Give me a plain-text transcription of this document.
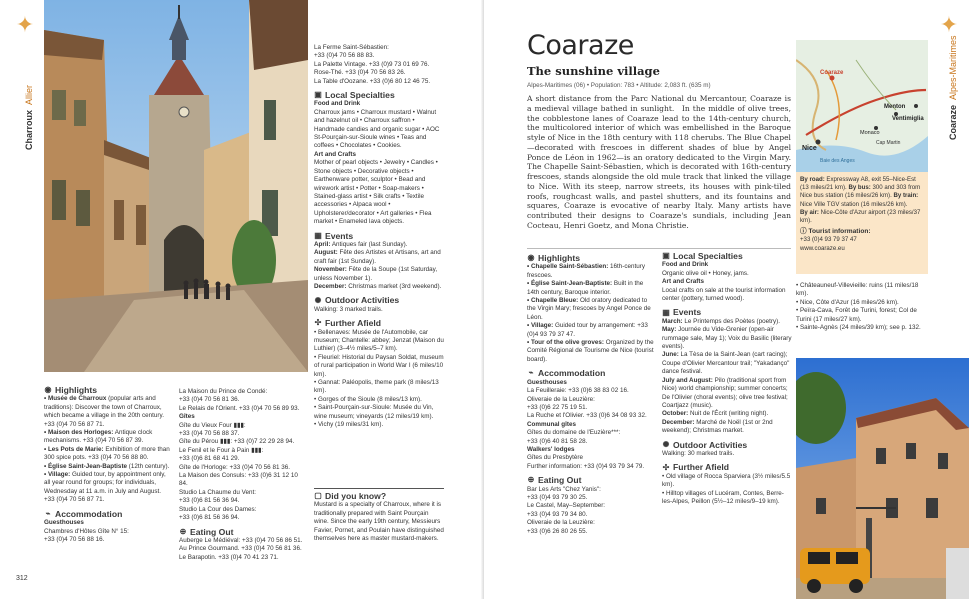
✦
CharrouxAllier
◉ Highlights

• Musée de Charroux (popular arts and traditions): Discover the town of Charroux, which became a village in the 20th century. +33 (0)4 70 56 87 71.

• Maison des Horloges: Antique clock mechanisms. +33 (0)4 70 56 87 39.

• Les Pots de Marie: Exhibition of more than 300 spice pots. +33 (0)4 70 56 88 80.

• Église Saint-Jean-Baptiste (12th century).

• Village: Guided tour, by appointment only, all year round for groups; for individuals, Wednesday at 11 a.m. in July and August. +33 (0)4 70 56 87 71.

⌁ Accommodation

Guesthouses

Chambres d'Hôtes Gîte N° 15:

+33 (0)4 70 56 88 16.

La Maison du Prince de Condé:

+33 (0)4 70 56 81 36.

Le Relais de l'Orient. +33 (0)4 70 56 89 93.

Gîtes

Gîte du Vieux Four ▮▮▮:

+33 (0)4 70 56 88 37.

Gîte du Pérou ▮▮▮: +33 (0)7 22 29 28 94.

Le Fenil et le Four à Pain ▮▮▮:

+33 (0)6 81 68 41 29.

Gîte de l'Horloge: +33 (0)4 70 56 81 36.

La Maison des Consuls: +33 (0)6 31 12 10 84.

Studio La Chaume du Vent:

+33 (0)6 81 56 36 94.

Studio La Cour des Dames:

+33 (0)6 81 56 36 94.

⊕ Eating Out

Auberge Le Médiéval: +33 (0)4 70 56 86 51.

Au Prince Gourmand. +33 (0)4 70 56 81 36.

Le Barapotin. +33 (0)4 70 41 23 71.

La Ferme Saint-Sébastien:

+33 (0)4 70 56 88 83.

La Palette Vintage. +33 (0)9 73 01 69 76.

Rose-Thé. +33 (0)4 70 56 83 26.

La Table d'Oozane. +33 (0)6 80 12 46 75.

▣ Local Specialties

Food and Drink

Charroux jams • Charroux mustard • Walnut and hazelnut oil • Charroux saffron • Handmade candies and organic sugar • AOC St-Pourçain-sur-Sioule wines • Teas and coffees • Chocolates • Cookies.

Art and Crafts

Mother of pearl objects • Jewelry • Candles • Stone objects • Decorative objects • Earthenware potter, sculptor • Bead and wirework artist • Potter • Soap-makers • Stained-glass artist • Silk crafts • Textile accessories • Alpaca wool • Upholsterer/decorator • Art galleries • Flea market • Enameled lava objects.

▦ Events

April: Antiques fair (last Sunday).

August: Fête des Artistes et Artisans, art and craft fair (1st Sunday).

November: Fête de la Soupe (1st Saturday, unless November 1).

December: Christmas market (3rd weekend).

✺ Outdoor Activities

Walking: 3 marked trails.

✣ Further Afield

• Bellenaves: Musée de l'Automobile, car museum; Chantelle: abbey; Jenzat (Maison du Luthier) (3–4½ miles/5–7 km).

• Fleuriel: Historial du Paysan Soldat, museum of rural participation in World War I (6 miles/10 km).

• Gannat: Paléopolis, theme park (8 miles/13 km).

• Gorges of the Sioule (8 miles/13 km).

• Saint-Pourçain-sur-Sioule: Musée du Vin, wine museum; vineyards (12 miles/19 km).

• Vichy (19 miles/31 km).

▢ Did you know?

Mustard is a specialty of Charroux, where it is traditionally prepared with Saint Pourçain wine. Since the early 19th century, Messieurs Favier, Pornet, and Poulain have distinguished themselves here as master mustard-makers.

312
✦
CoarazeAlpes-Maritimes
Coaraze
The sunshine village
Alpes-Maritimes (06) • Population: 783 • Altitude: 2,083 ft. (635 m)
A short distance from the Parc National du Mercantour, Coaraze is a medieval village bathed in sunlight. In the middle of olive trees, the cobblestone lanes of Coaraze lead to the 14th-century church, the multicolored interior of which was embellished in the Baroque style of Nice in the 18th century with 118 cherubs. The Blue Chapel—decorated with frescoes in different shades of blue by Angel Ponce de Léon in 1962—is an oratory dedicated to the Virgin Mary. The Chapelle Saint-Sébastien, which is decorated with 16th-century frescoes, stands alongside the old mule track that linked the village to Nice. With its steep, narrow streets, its houses with pink-tiled roofs, roughcast walls, and pastel shutters, and its fountains and squares, Coaraze is evocative of nearby Italy. Many artists have contributed their designs to Coaraze's sundials, including Jean Cocteau, Henri Goetz, and Mona Christie.
◉ Highlights

• Chapelle Saint-Sébastien: 16th-century frescoes.

• Église Saint-Jean-Baptiste: Built in the 14th century, Baroque interior.

• Chapelle Bleue: Old oratory dedicated to the Virgin Mary; frescoes by Angel Ponce de Léon.

• Village: Guided tour by arrangement: +33 (0)4 93 79 37 47.

• Tour of the olive groves: Organized by the Comité Régional de Tourisme de Nice (tourist board).

⌁ Accommodation

Guesthouses

La Feuilleraie: +33 (0)6 38 83 02 16.

Oliveraie de la Leuzière:

+33 (0)6 22 75 19 51.

La Ruche et l'Olivier. +33 (0)6 34 08 93 32.

Communal gîtes

Gîtes du domaine de l'Euzière***:

+33 (0)6 40 81 58 28.

Walkers' lodges

Gîtes du Presbytère

Further information: +33 (0)4 93 79 34 79.

⊕ Eating Out

Bar Les Arts "Chez Yanis":

+33 (0)4 93 79 30 25.

Le Castel, May–September:

+33 (0)4 93 79 34 80.

Oliveraie de la Leuzière:

+33 (0)6 26 80 26 55.

▣ Local Specialties

Food and Drink

Organic olive oil • Honey, jams.

Art and Crafts

Local crafts on sale at the tourist information center (pottery, turned wood).

▦ Events

March: Le Printemps des Poètes (poetry).

May: Journée du Vide-Grenier (open-air rummage sale, May 1); Voix du Basilic (literary events).

June: La Tèsa de la Saint-Jean (cart racing); Coupe d'Olivier Mercantour trail; "Yakadanço" dance festival.

July and August: Pilo (traditional sport from Nice) world championship; summer concerts; De l'Olivier (choral events); olive tree festival; Coartjazz (music).

October: Nuit de l'Écrit (writing night).

December: Marché de Noël (1st or 2nd weekend); Christmas market.

✺ Outdoor Activities

Walking: 30 marked trails.

✣ Further Afield

• Old village of Rocca Sparviera (3½ miles/5.5 km).

• Hilltop villages of Lucéram, Contes, Berre-les-Alpes, Peillon (5½–12 miles/9–19 km).

Coaraze
Nice
Menton
Ventimiglia
Monaco
Cap Martin
Baie des Anges

By road: Expressway A8, exit 55–Nice-Est (13 miles/21 km). By bus: 300 and 303 from Nice bus station (16 miles/26 km). By train: Nice Ville TGV station (16 miles/26 km).

By air: Nice-Côte d'Azur airport (23 miles/37 km).

ⓘ Tourist information:

+33 (0)4 93 79 37 47

www.coaraze.eu

• Châteauneuf-Villevieille: ruins (11 miles/18 km).

• Nice, Côte d'Azur (16 miles/26 km).

• Peïra-Cava, Forêt de Turini, forest; Col de Turini (17 miles/27 km).

• Sainte-Agnès (24 miles/39 km); see p. 132.
